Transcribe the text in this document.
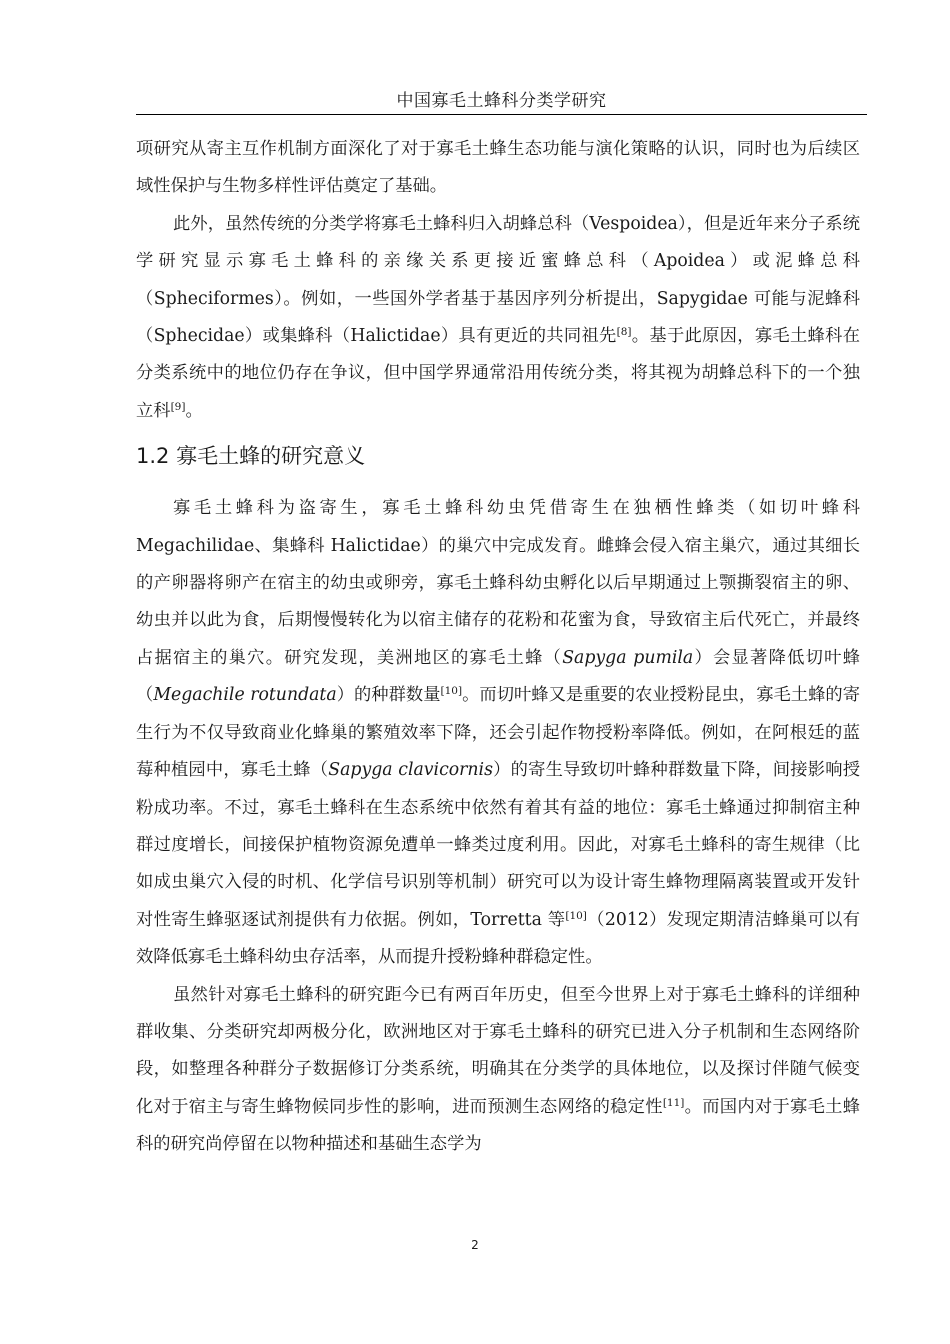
中国寡毛土蜂科分类学研究

项研究从寄主互作机制方面深化了对于寡毛土蜂生态功能与演化策略的认识，同时也为后续区域性保护与生物多样性评估奠定了基础。

此外，虽然传统的分类学将寡毛土蜂科归入胡蜂总科（Vespoidea），但是近年来分子系统学研究显示寡毛土蜂科的亲缘关系更接近蜜蜂总科（Apoidea）或泥蜂总科（Spheciformes）。例如，一些国外学者基于基因序列分析提出，Sapygidae 可能与泥蜂科（Sphecidae）或集蜂科（Halictidae）具有更近的共同祖先[8]。基于此原因，寡毛土蜂科在分类系统中的地位仍存在争议，但中国学界通常沿用传统分类，将其视为胡蜂总科下的一个独立科[9]。

1.2 寡毛土蜂的研究意义

寡毛土蜂科为盗寄生，寡毛土蜂科幼虫凭借寄生在独栖性蜂类（如切叶蜂科 Megachilidae、集蜂科 Halictidae）的巢穴中完成发育。雌蜂会侵入宿主巢穴，通过其细长的产卵器将卵产在宿主的幼虫或卵旁，寡毛土蜂科幼虫孵化以后早期通过上颚撕裂宿主的卵、幼虫并以此为食，后期慢慢转化为以宿主储存的花粉和花蜜为食，导致宿主后代死亡，并最终占据宿主的巢穴。研究发现，美洲地区的寡毛土蜂（Sapyga pumila）会显著降低切叶蜂（Megachile rotundata）的种群数量[10]。而切叶蜂又是重要的农业授粉昆虫，寡毛土蜂的寄生行为不仅导致商业化蜂巢的繁殖效率下降，还会引起作物授粉率降低。例如，在阿根廷的蓝莓种植园中，寡毛土蜂（Sapyga clavicornis）的寄生导致切叶蜂种群数量下降，间接影响授粉成功率。不过，寡毛土蜂科在生态系统中依然有着其有益的地位：寡毛土蜂通过抑制宿主种群过度增长，间接保护植物资源免遭单一蜂类过度利用。因此，对寡毛土蜂科的寄生规律（比如成虫巢穴入侵的时机、化学信号识别等机制）研究可以为设计寄生蜂物理隔离装置或开发针对性寄生蜂驱逐试剂提供有力依据。例如，Torretta 等[10]（2012）发现定期清洁蜂巢可以有效降低寡毛土蜂科幼虫存活率，从而提升授粉蜂种群稳定性。

虽然针对寡毛土蜂科的研究距今已有两百年历史，但至今世界上对于寡毛土蜂科的详细种群收集、分类研究却两极分化，欧洲地区对于寡毛土蜂科的研究已进入分子机制和生态网络阶段，如整理各种群分子数据修订分类系统，明确其在分类学的具体地位，以及探讨伴随气候变化对于宿主与寄生蜂物候同步性的影响，进而预测生态网络的稳定性[11]。而国内对于寡毛土蜂科的研究尚停留在以物种描述和基础生态学为

2
